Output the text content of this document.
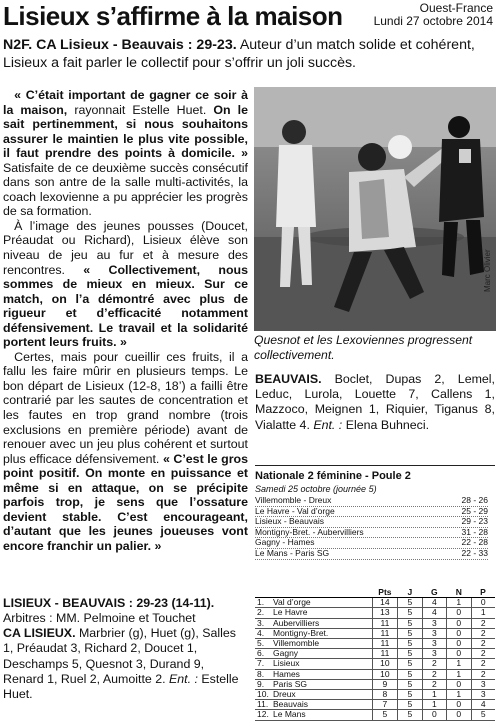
Lisieux s’affirme à la maison	Ouest-France
Lundi 27 octobre 2014
N2F. CA Lisieux - Beauvais : 29-23. Auteur d’un match solide et cohérent, Lisieux a fait parler le collectif pour s’offrir un joli succès.

« C’était important de gagner ce soir à la maison, rayonnait Estelle Huet. On le sait pertinemment, si nous souhaitons assurer le maintien le plus vite possible, il faut prendre des points à domicile. » Satisfaite de ce deuxième succès consécutif dans son antre de la salle multi-activités, la coach lexovienne a pu apprécier les progrès de sa formation.

À l’image des jeunes pousses (Doucet, Préaudat ou Richard), Lisieux élève son niveau de jeu au fur et à mesure des rencontres. « Collectivement, nous sommes de mieux en mieux. Sur ce match, on l’a démontré avec plus de rigueur et d’efficacité notamment défensivement. Le travail et la solidarité portent leurs fruits. »

Certes, mais pour cueillir ces fruits, il a fallu les faire mûrir en plusieurs temps. Le bon départ de Lisieux (12-8, 18’) a failli être contrarié par les sautes de concentration et les fautes en trop grand nombre (trois exclusions en première période) avant de renouer avec un jeu plus cohérent et surtout plus efficace défensivement. « C’est le gros point positif. On monte en puissance et même si en attaque, on se précipite parfois trop, je sens que l’ossature devient stable. C’est encourageant, d’autant que les jeunes joueuses vont encore franchir un palier. »

Marc Olivier
Quesnot et les Lexoviennes progressent collectivement.
BEAUVAIS. Boclet, Dupas 2, Lemel, Leduc, Lurola, Louette 7, Callens 1, Mazzoco, Meignen 1, Riquier, Tiganus 8, Vialatte 4. Ent. : Elena Buhneci.
Nationale 2 féminine - Poule 2
Samedi 25 octobre (journée 5)
Villemomble - Dreux	28 - 26
Le Havre - Val d’orge	25 - 29
Lisieux - Beauvais	29 - 23
Montigny-Bret. - Aubervilliers	31 - 28
Gagny - Hames	22 - 28
Le Mans - Paris SG	22 - 33
	Pts	J	G	N	P
1. Val d’orge	14	5	4	1	0
2. Le Havre	13	5	4	0	1
3. Aubervilliers	11	5	3	0	2
4. Montigny-Bret.	11	5	3	0	2
5. Villemomble	11	5	3	0	2
6. Gagny	11	5	3	0	2
7. Lisieux	10	5	2	1	2
8. Hames	10	5	2	1	2
9. Paris SG	9	5	2	0	3
10. Dreux	8	5	1	1	3
11. Beauvais	7	5	1	0	4
12. Le Mans	5	5	0	0	5
LISIEUX - BEAUVAIS : 29-23 (14-11).
Arbitres : MM. Pelmoine et Touchet
CA LISIEUX. Marbrier (g), Huet (g), Salles 1, Préaudat 3, Richard 2, Doucet 1, Deschamps 5, Quesnot 3, Durand 9, Renard 1, Ruel 2, Aumoitte 2. Ent. : Estelle Huet.
